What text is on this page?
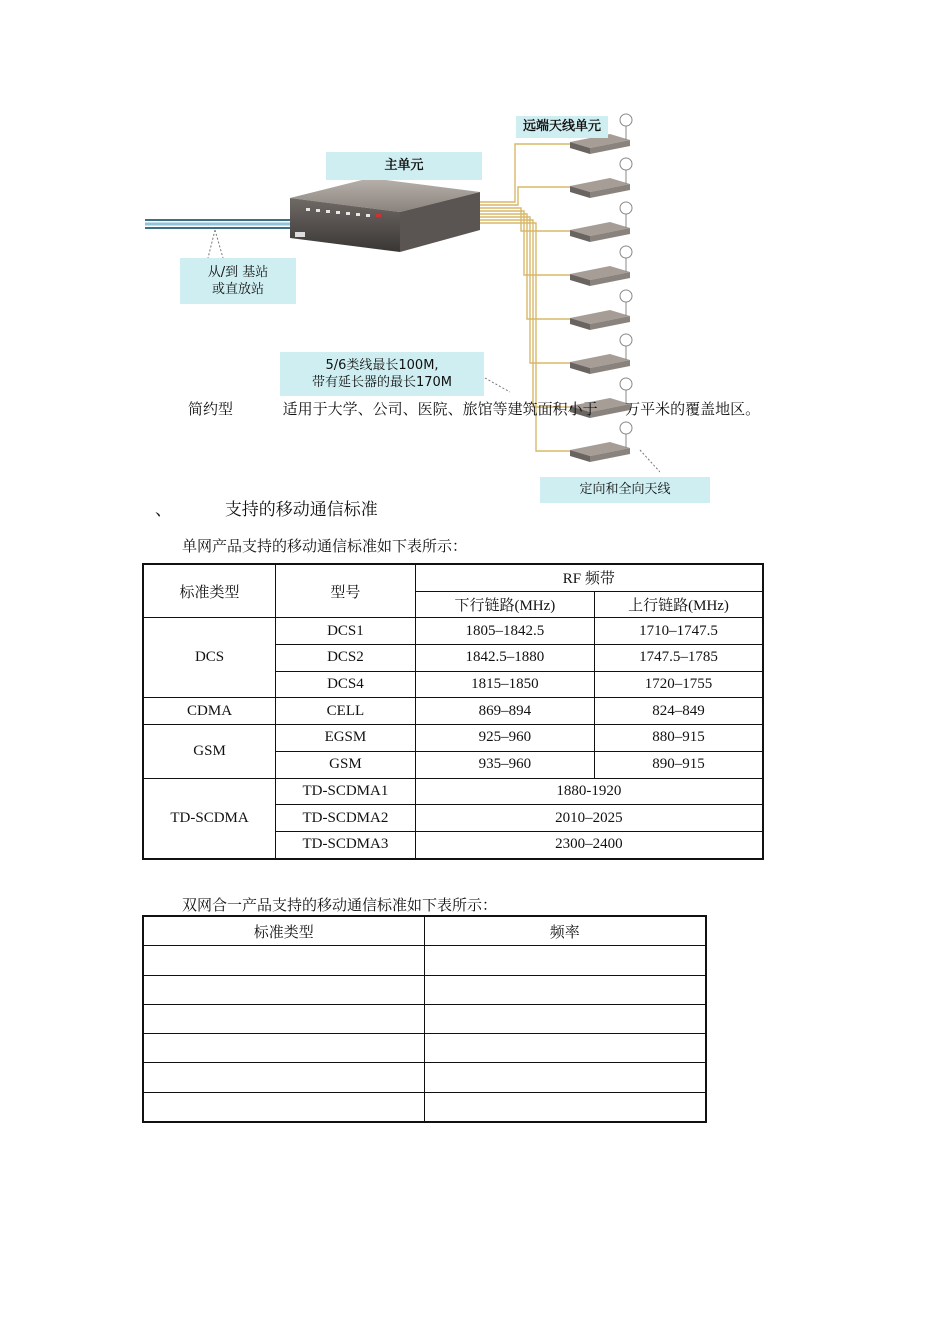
远端天线单元
主单元
从/到 基站
或直放站
5/6类线最长100M,
带有延长器的最长170M
定向和全向天线
简约型	适用于大学、公司、医院、旅馆等建筑面积小于 万平米的覆盖地区。
、	支持的移动通信标准
单网产品支持的移动通信标准如下表所示：
标准类型	型号	RF 频带	
		下行链路(MHz)	上行链路(MHz)
DCS	DCS1	1805–1842.5	1710–1747.5
	DCS2	1842.5–1880	1747.5–1785
	DCS4	1815–1850	1720–1755
CDMA	CELL	869–894	824–849
GSM	EGSM	925–960	880–915
	GSM	935–960	890–915
TD-SCDMA	TD-SCDMA1	1880-1920	
	TD-SCDMA2	2010–2025	
	TD-SCDMA3	2300–2400	
双网合一产品支持的移动通信标准如下表所示：
标准类型	频率
